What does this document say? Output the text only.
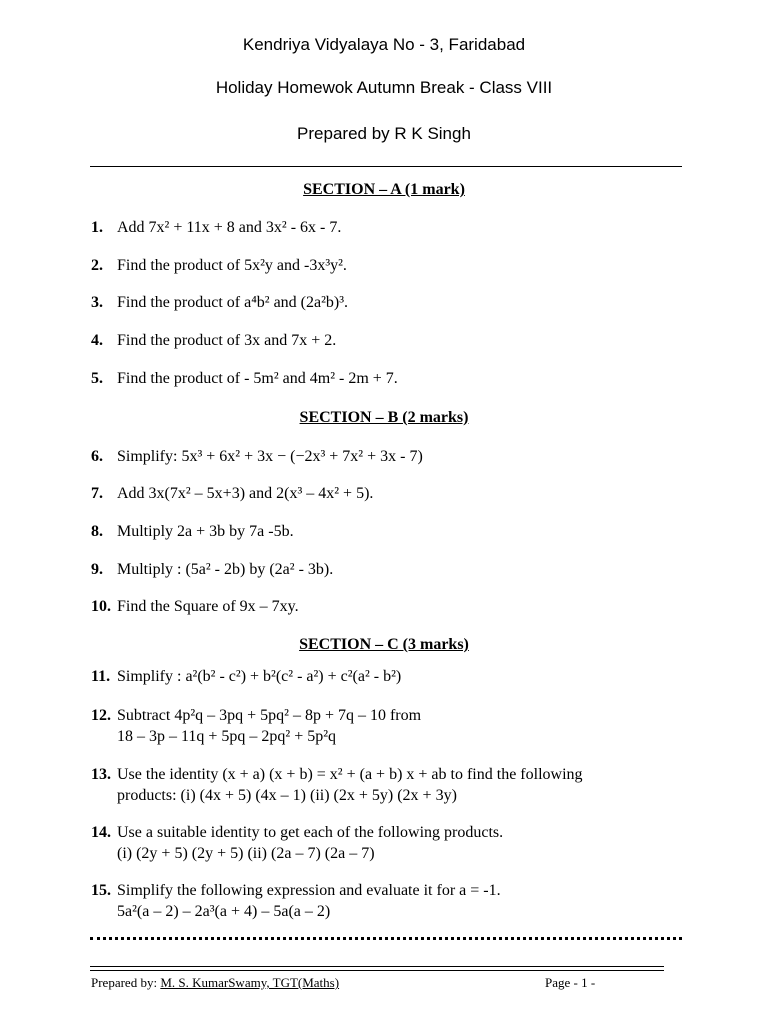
Kendriya Vidyalaya No - 3, Faridabad
Holiday Homewok Autumn Break - Class VIII
Prepared by R K Singh
SECTION – A (1 mark)
1. Add 7x² + 11x + 8 and 3x² - 6x - 7.
2. Find the product of 5x²y and -3x³y².
3. Find the product of a⁴b² and (2a²b)³.
4. Find the product of 3x and 7x + 2.
5. Find the product of - 5m² and 4m² - 2m + 7.
SECTION – B (2 marks)
6. Simplify: 5x³ + 6x² + 3x − (−2x³ + 7x² + 3x - 7)
7. Add 3x(7x² – 5x+3) and 2(x³ – 4x² + 5).
8. Multiply 2a + 3b by 7a -5b.
9. Multiply : (5a² - 2b) by (2a² - 3b).
10. Find the Square of 9x – 7xy.
SECTION – C (3 marks)
11. Simplify : a²(b² - c²) + b²(c² - a²) + c²(a² - b²)
12. Subtract 4p²q – 3pq + 5pq² – 8p + 7q – 10 from
18 – 3p – 11q + 5pq – 2pq² + 5p²q
13. Use the identity (x + a) (x + b) = x² + (a + b) x + ab to find the following
products: (i) (4x + 5) (4x – 1) (ii) (2x + 5y) (2x + 3y)
14. Use a suitable identity to get each of the following products.
(i) (2y + 5) (2y + 5) (ii) (2a – 7) (2a – 7)
15. Simplify the following expression and evaluate it for a = -1.
5a²(a – 2) – 2a³(a + 4) – 5a(a – 2)
Prepared by: M. S. KumarSwamy, TGT(Maths)	Page - 1 -
